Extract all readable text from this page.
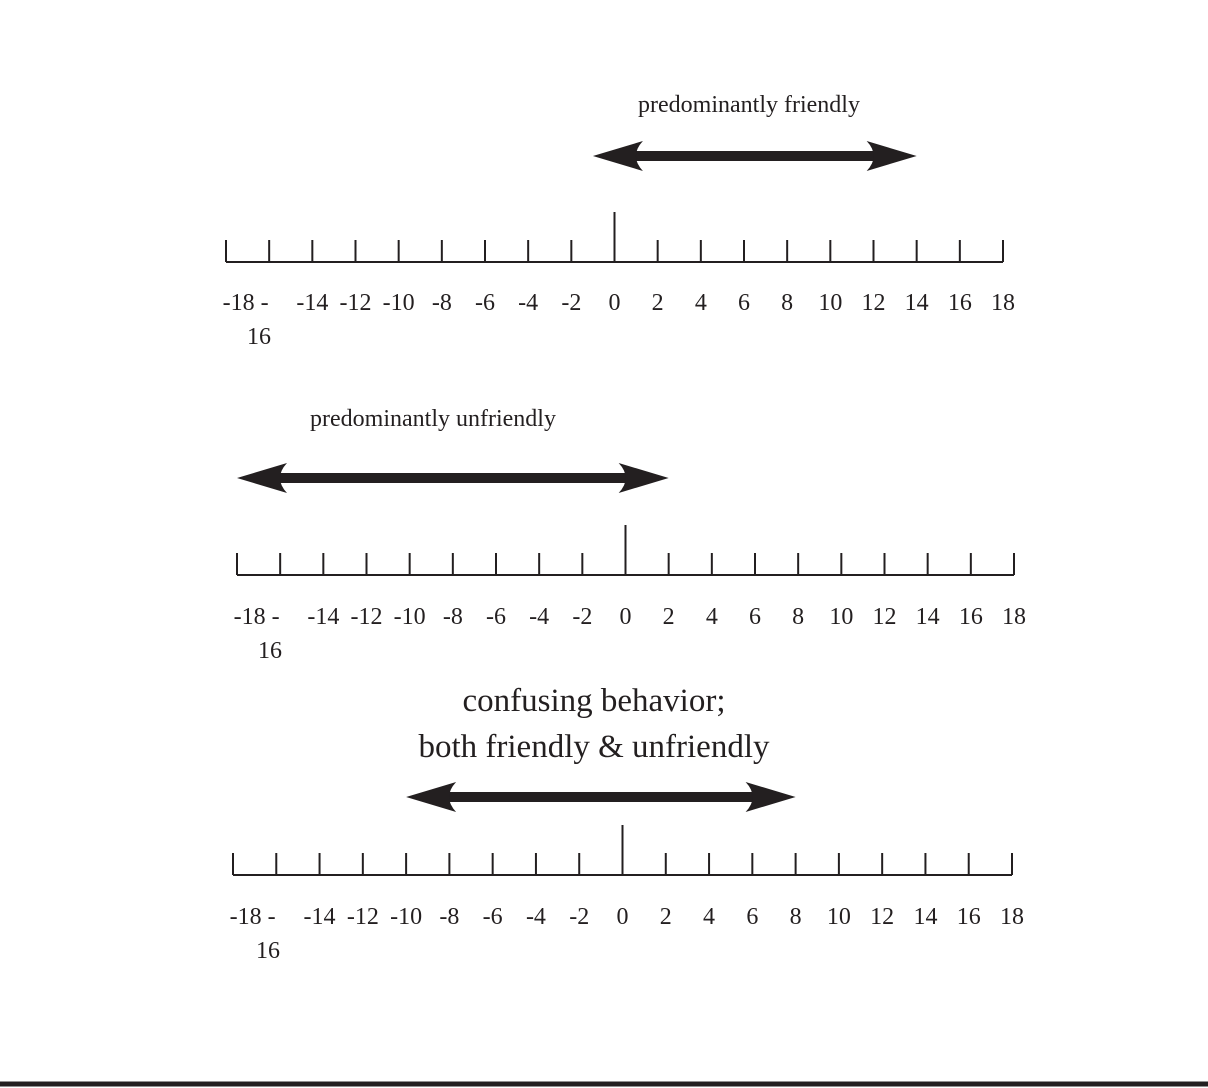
predominantly friendly
-18 - -14 -12 -10 -8 -6 -4 -2 0 2 4 6 8 10 12 14 16 18
16
predominantly unfriendly
-18 - -14 -12 -10 -8 -6 -4 -2 0 2 4 6 8 10 12 14 16 18
16
confusing behavior;
both friendly & unfriendly
-18 - -14 -12 -10 -8 -6 -4 -2 0 2 4 6 8 10 12 14 16 18
16
